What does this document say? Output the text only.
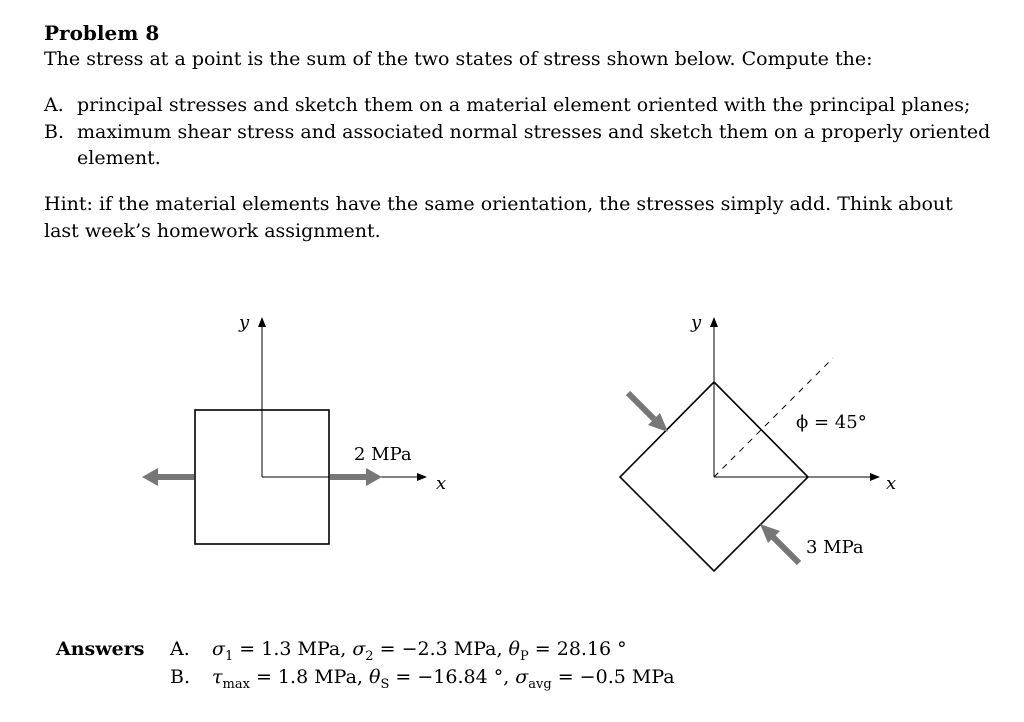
Problem 8
The stress at a point is the sum of the two states of stress shown below. Compute the:
A. principal stresses and sketch them on a material element oriented with the principal planes;
B. maximum shear stress and associated normal stresses and sketch them on a properly oriented
element.
Hint: if the material elements have the same orientation, the stresses simply add. Think about
last week’s homework assignment.
y
x
2 MPa
y
x
ϕ = 45°
3 MPa
Answers A. $\sigma_1 = 1.3$ MPa, $\sigma_2 = -2.3$ MPa, $\theta_P = 28.16$ °
B. $\tau_{max} = 1.8$ MPa, $\theta_S = -16.84$ °, $\sigma_{avg} = -0.5$ MPa
